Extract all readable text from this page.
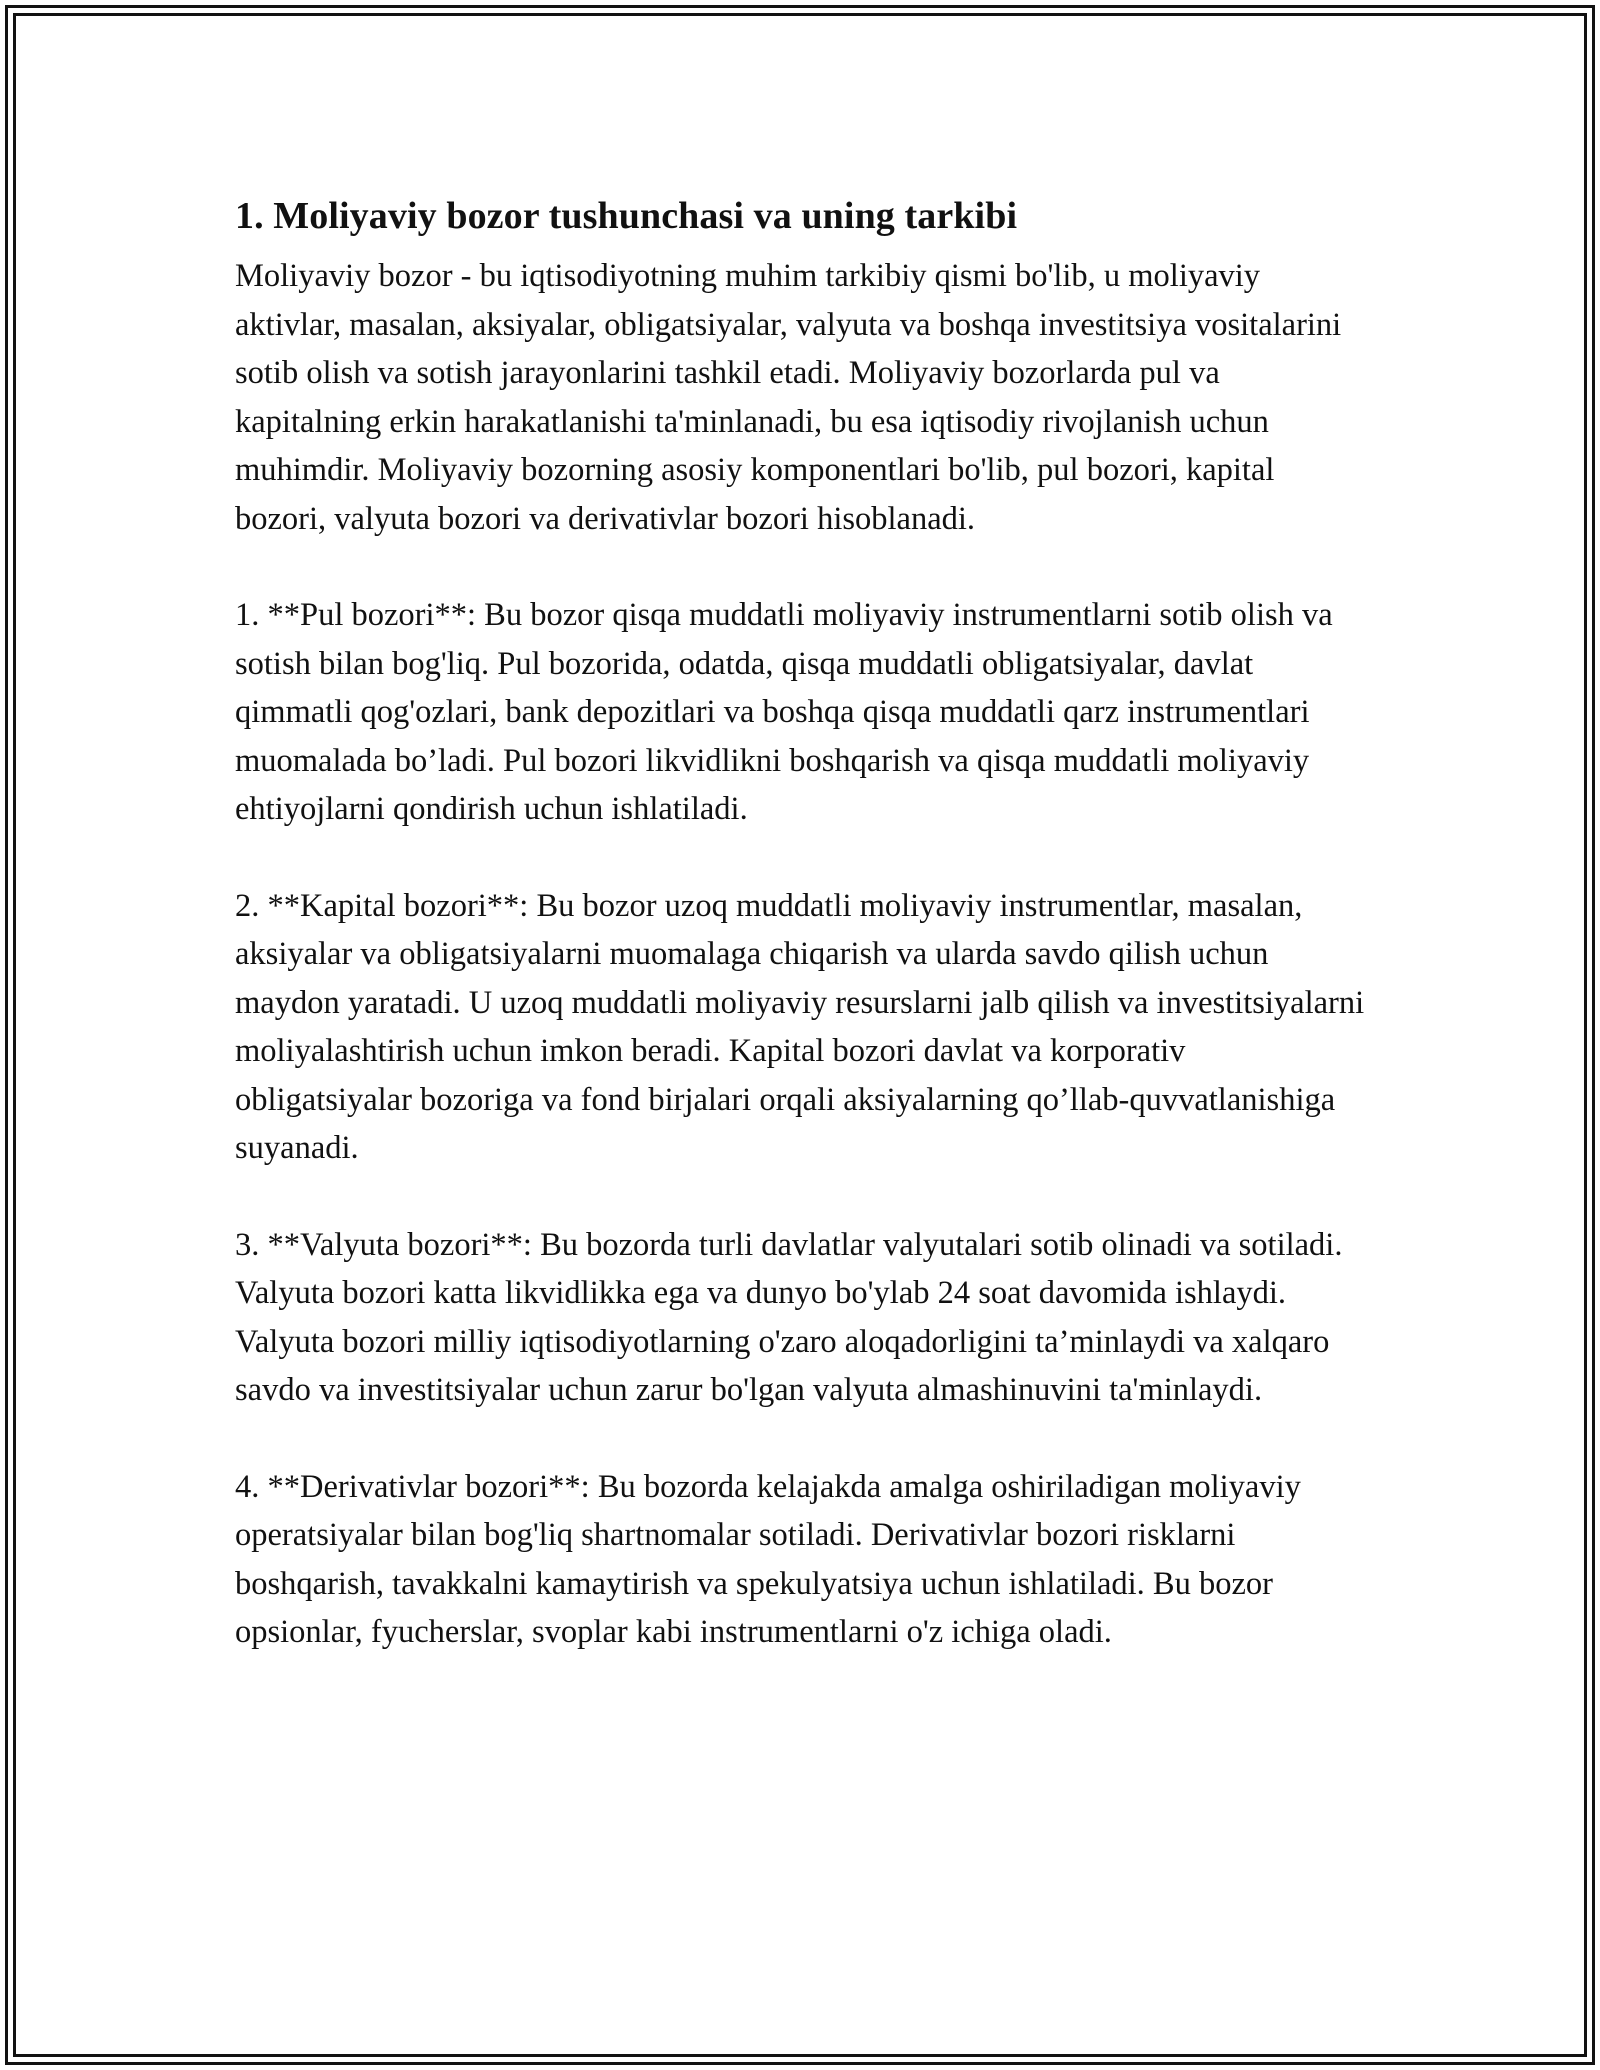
1. Moliyaviy bozor tushunchasi va uning tarkibi

Moliyaviy bozor - bu iqtisodiyotning muhim tarkibiy qismi bo'lib, u moliyaviy aktivlar, masalan, aksiyalar, obligatsiyalar, valyuta va boshqa investitsiya vositalarini sotib olish va sotish jarayonlarini tashkil etadi. Moliyaviy bozorlarda pul va kapitalning erkin harakatlanishi ta'minlanadi, bu esa iqtisodiy rivojlanish uchun muhimdir. Moliyaviy bozorning asosiy komponentlari bo'lib, pul bozori, kapital bozori, valyuta bozori va derivativlar bozori hisoblanadi.

1. **Pul bozori**: Bu bozor qisqa muddatli moliyaviy instrumentlarni sotib olish va sotish bilan bog'liq. Pul bozorida, odatda, qisqa muddatli obligatsiyalar, davlat qimmatli qog'ozlari, bank depozitlari va boshqa qisqa muddatli qarz instrumentlari muomalada bo’ladi. Pul bozori likvidlikni boshqarish va qisqa muddatli moliyaviy ehtiyojlarni qondirish uchun ishlatiladi.

2. **Kapital bozori**: Bu bozor uzoq muddatli moliyaviy instrumentlar, masalan, aksiyalar va obligatsiyalarni muomalaga chiqarish va ularda savdo qilish uchun maydon yaratadi. U uzoq muddatli moliyaviy resurslarni jalb qilish va investitsiyalarni moliyalashtirish uchun imkon beradi. Kapital bozori davlat va korporativ obligatsiyalar bozoriga va fond birjalari orqali aksiyalarning qo’llab-quvvatlanishiga suyanadi.

3. **Valyuta bozori**: Bu bozorda turli davlatlar valyutalari sotib olinadi va sotiladi. Valyuta bozori katta likvidlikka ega va dunyo bo'ylab 24 soat davomida ishlaydi. Valyuta bozori milliy iqtisodiyotlarning o'zaro aloqadorligini ta’minlaydi va xalqaro savdo va investitsiyalar uchun zarur bo'lgan valyuta almashinuvini ta'minlaydi.

4. **Derivativlar bozori**: Bu bozorda kelajakda amalga oshiriladigan moliyaviy operatsiyalar bilan bog'liq shartnomalar sotiladi. Derivativlar bozori risklarni boshqarish, tavakkalni kamaytirish va spekulyatsiya uchun ishlatiladi. Bu bozor opsionlar, fyucherslar, svoplar kabi instrumentlarni o'z ichiga oladi.
